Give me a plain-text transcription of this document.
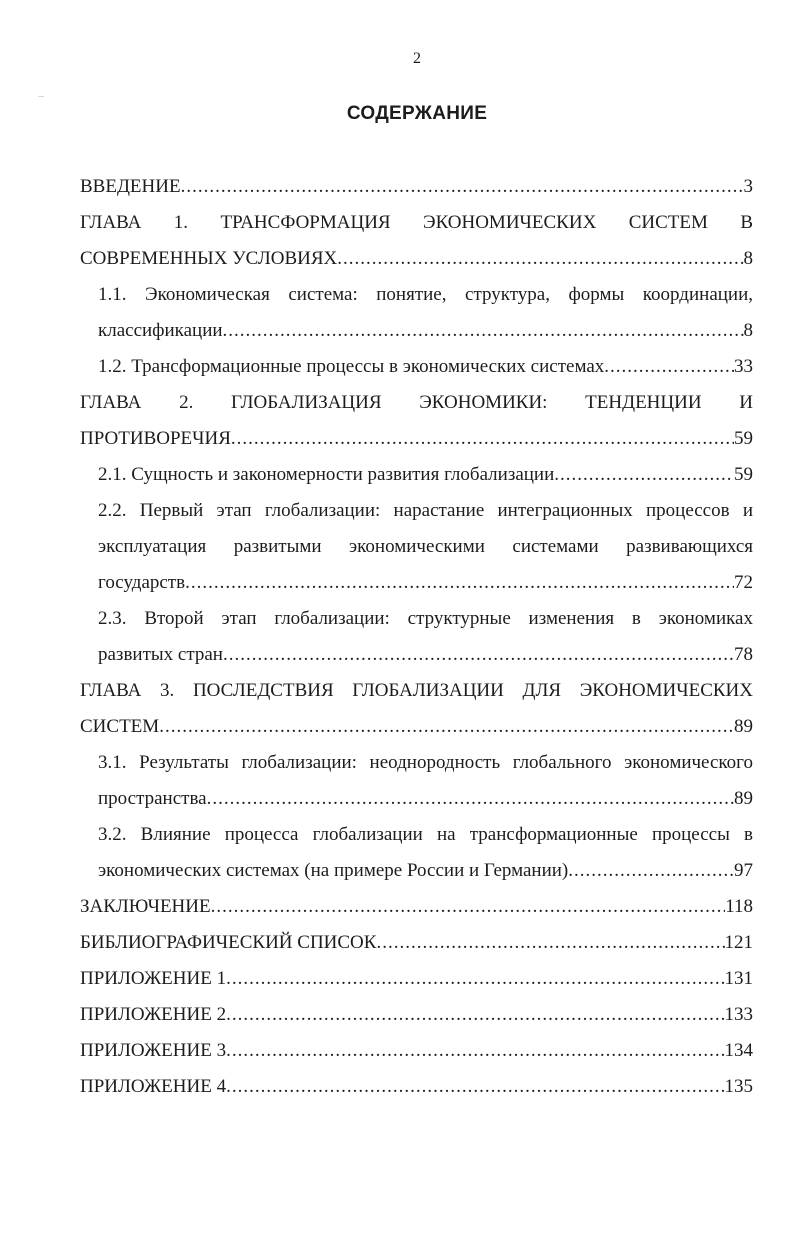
2
СОДЕРЖАНИЕ
ВВЕДЕНИЕ .....	3
ГЛАВА 1. ТРАНСФОРМАЦИЯ ЭКОНОМИЧЕСКИХ СИСТЕМ В
СОВРЕМЕННЫХ УСЛОВИЯХ .....	8
1.1. Экономическая система: понятие, структура, формы координации,
классификации .....	8
1.2. Трансформационные процессы в экономических системах .....	33
ГЛАВА 2. ГЛОБАЛИЗАЦИЯ ЭКОНОМИКИ: ТЕНДЕНЦИИ И
ПРОТИВОРЕЧИЯ .....	59
2.1. Сущность и закономерности развития глобализации .....	59
2.2. Первый этап глобализации: нарастание интеграционных процессов и
эксплуатация развитыми экономическими системами развивающихся
государств .....	72
2.3. Второй этап глобализации: структурные изменения в экономиках
развитых стран .....	78
ГЛАВА 3. ПОСЛЕДСТВИЯ ГЛОБАЛИЗАЦИИ ДЛЯ ЭКОНОМИЧЕСКИХ
СИСТЕМ .....	89
3.1. Результаты глобализации: неоднородность глобального экономического
пространства .....	89
3.2. Влияние процесса глобализации на трансформационные процессы в
экономических системах (на примере России и Германии) .....	97
ЗАКЛЮЧЕНИЕ .....	118
БИБЛИОГРАФИЧЕСКИЙ СПИСОК .....	121
ПРИЛОЖЕНИЕ 1 .....	131
ПРИЛОЖЕНИЕ 2 .....	133
ПРИЛОЖЕНИЕ 3 .....	134
ПРИЛОЖЕНИЕ 4 .....	135
